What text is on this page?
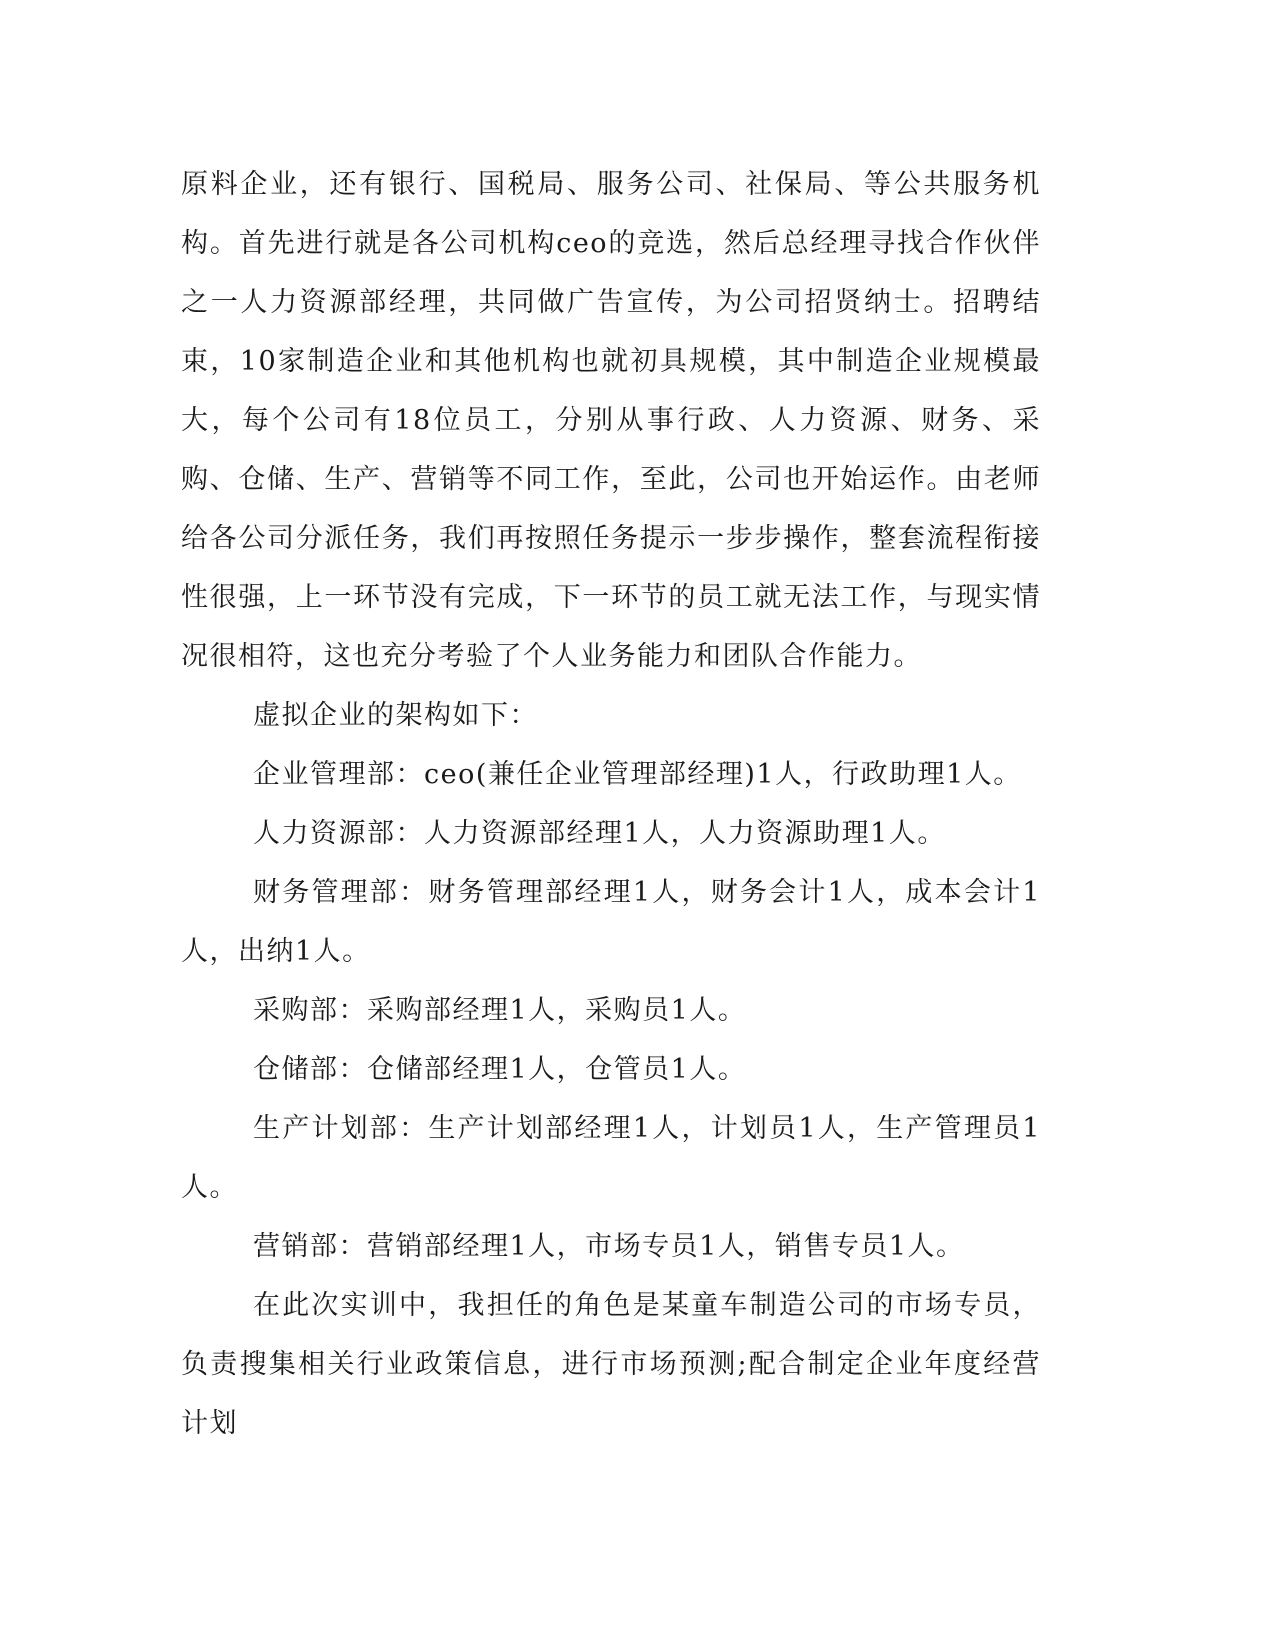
原料企业，还有银行、国税局、服务公司、社保局、等公共服务机构。首先进行就是各公司机构ceo的竞选，然后总经理寻找合作伙伴之一人力资源部经理，共同做广告宣传，为公司招贤纳士。招聘结束，10家制造企业和其他机构也就初具规模，其中制造企业规模最大，每个公司有18位员工，分别从事行政、人力资源、财务、采购、仓储、生产、营销等不同工作，至此，公司也开始运作。由老师给各公司分派任务，我们再按照任务提示一步步操作，整套流程衔接性很强，上一环节没有完成，下一环节的员工就无法工作，与现实情况很相符，这也充分考验了个人业务能力和团队合作能力。

虚拟企业的架构如下：

企业管理部：ceo(兼任企业管理部经理)1人，行政助理1人。

人力资源部：人力资源部经理1人，人力资源助理1人。

财务管理部：财务管理部经理1人，财务会计1人，成本会计1人，出纳1人。

采购部：采购部经理1人，采购员1人。

仓储部：仓储部经理1人，仓管员1人。

生产计划部：生产计划部经理1人，计划员1人，生产管理员1人。

营销部：营销部经理1人，市场专员1人，销售专员1人。

在此次实训中，我担任的角色是某童车制造公司的市场专员，负责搜集相关行业政策信息，进行市场预测;配合制定企业年度经营计划
